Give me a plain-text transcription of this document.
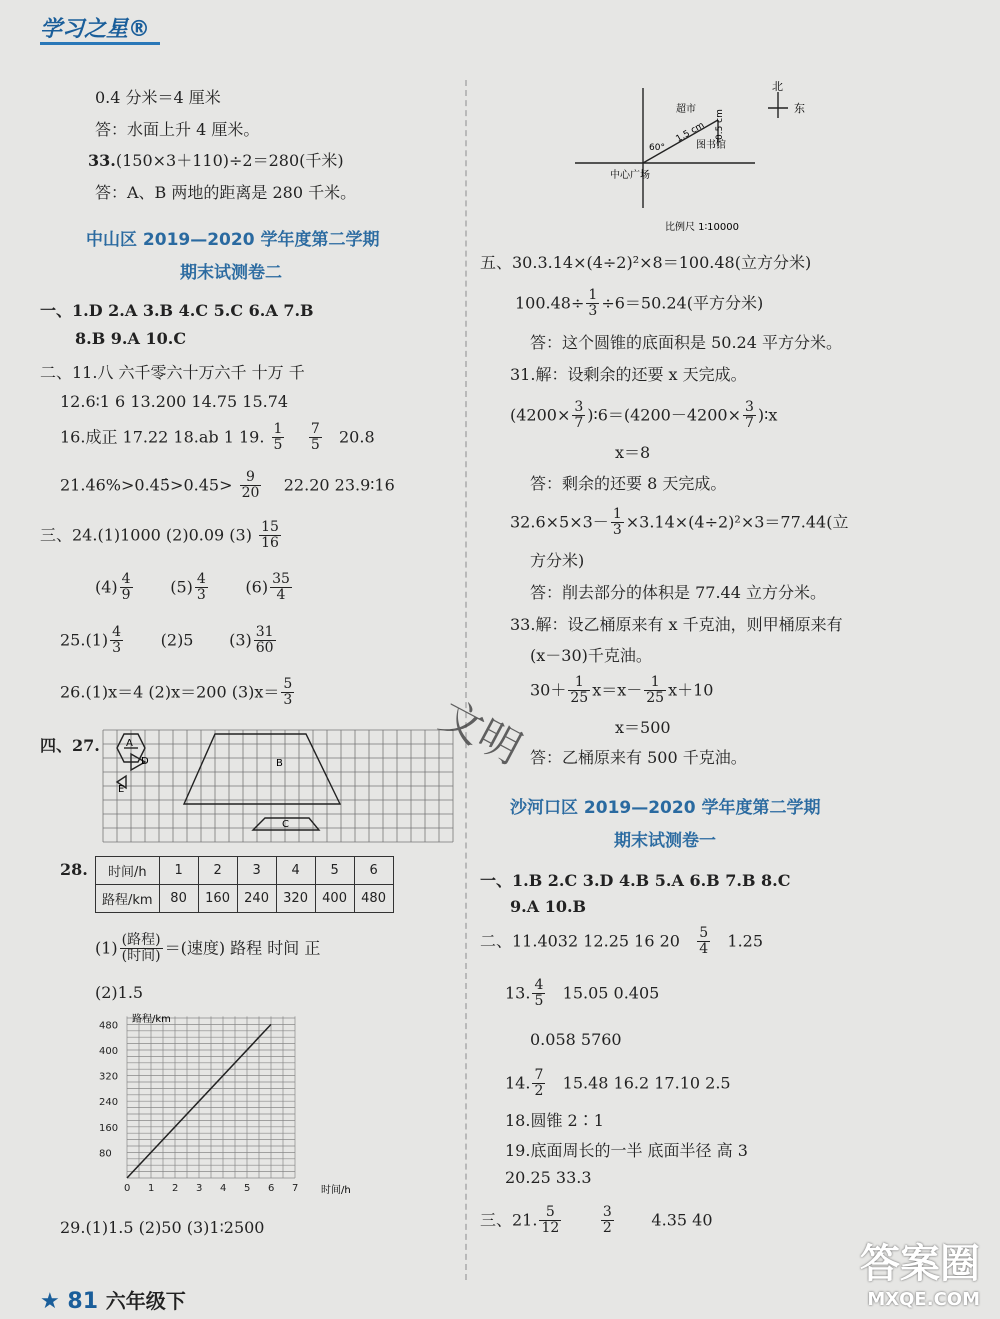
学习之星®
0.4 分米＝4 厘米
答：水面上升 4 厘米。
33.(150×3＋110)÷2＝280(千米)
答：A、B 两地的距离是 280 千米。
中山区 2019—2020 学年度第二学期
期末试测卷二
一、1.D 2.A 3.B 4.C 5.C 6.A 7.B
8.B 9.A 10.C
二、11.八 六千零六十万六千 十万 千
12.6∶1 6 13.200 14.75 15.74
16.成正 17.22 18.ab 1 19. $\frac{1}{5}$
$\frac{7}{5} 20.8$
21.46%>0.45̇>0.45> $\frac{9}{20} 22.20$ 23.9∶16
三、24.(1)1000 (2)0.09 $(3) \frac{15}{16}$
$(4) \frac{4}{9} (5) \frac{4}{3} (6) \frac{35}{4}$
$25.(1) \frac{4}{3} (2)5$ $(3) \frac{31}{60}$
26.(1)x＝4 (2)x＝200 $(3)x= \frac{5}{3}$
四、27.	A
D
E
B
C
28. 时间/h	1	2	3	4	5	6
路程/km	80	160	240	320	400	480
$(1) \frac{\text{(路程)}}{\text{(时间)}}$ ＝(速度) 路程 时间 正
(2)1.5
480
400
320
240
160
80
0 1 2 3 4 5 6 7
路程/km
时间/h
29.(1)1.5 (2)50 (3)1∶2500
北
东
超市
图书馆
中心广场
60°
1.5 cm 0.5 cm
比例尺 1∶10000
五、30.3.14×(4÷2)²×8＝100.48(立方分米)
$100.48\div \frac{1}{3} \div 6=50.24$(平方分米)
答：这个圆锥的底面积是 50.24 平方分米。
31.解：设剩余的还要 x 天完成。
($4200\times \frac{3}{7}$ )∶6＝(4200－4200× $\frac{3}{7}$ )∶x
x＝8
答：剩余的还要 8 天完成。
$32.6\times 5\times 3- \frac{1}{3} \times 3.14\times(4\div 2)^2\times 3=77.44$(立
方分米)
答：削去部分的体积是 77.44 立方分米。
33.解：设乙桶原来有 x 千克油，则甲桶原来有
(x－30)千克油。
$30+ \frac{1}{25} x=x- \frac{1}{25} x+10$
x＝500
答：乙桶原来有 500 千克油。
沙河口区 2019—2020 学年度第二学期
期末试测卷一
一、1.B 2.C 3.D 4.B 5.A 6.B 7.B 8.C
9.A 10.B
二、11.4032 12.25 16 $20 \frac{5}{4} 1.25$
13. $\frac{4}{5} 15.05$ 0.405
0.058 5760
14. $\frac{7}{2} 15.48$ 16.2 17.10 2.5
18.圆锥 2∶1
19.底面周长的一半 底面半径 高 3
20.25 33.3
三、21. $\frac{5}{12}$
	$\frac{3}{2} 4.35$ 40
文明
★ 81 六年级下
答案圈
MXQE.COM
